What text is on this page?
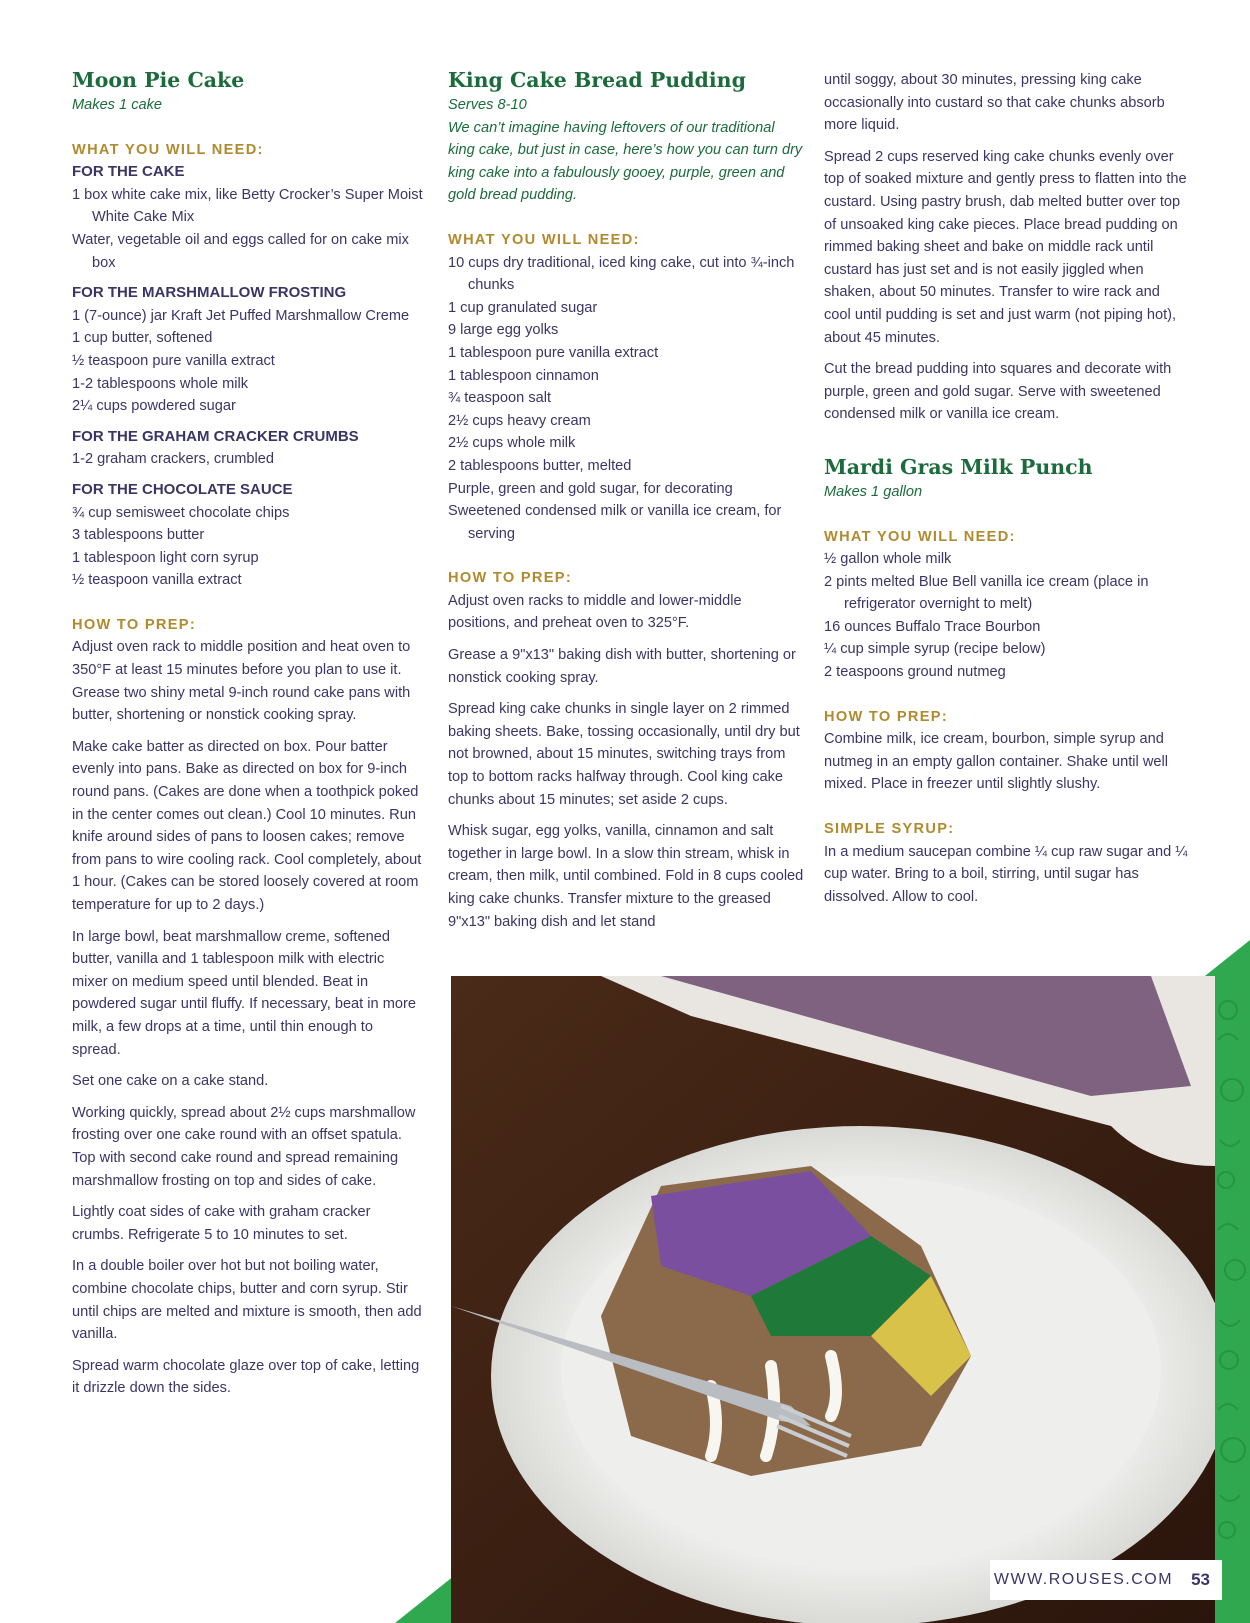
Moon Pie Cake
Makes 1 cake
WHAT YOU WILL NEED:
FOR THE CAKE
1 box white cake mix, like Betty Crocker’s Super Moist White Cake Mix
Water, vegetable oil and eggs called for on cake mix box
FOR THE MARSHMALLOW FROSTING
1 (7-ounce) jar Kraft Jet Puffed Marshmallow Creme
1 cup butter, softened
½ teaspoon pure vanilla extract
1-2 tablespoons whole milk
2¼ cups powdered sugar
FOR THE GRAHAM CRACKER CRUMBS
1-2 graham crackers, crumbled
FOR THE CHOCOLATE SAUCE
¾ cup semisweet chocolate chips
3 tablespoons butter
1 tablespoon light corn syrup
½ teaspoon vanilla extract
HOW TO PREP:

Adjust oven rack to middle position and heat oven to 350°F at least 15 minutes before you plan to use it. Grease two shiny metal 9-inch round cake pans with butter, shortening or nonstick cooking spray.

Make cake batter as directed on box. Pour batter evenly into pans. Bake as directed on box for 9-inch round pans. (Cakes are done when a toothpick poked in the center comes out clean.) Cool 10 minutes. Run knife around sides of pans to loosen cakes; remove from pans to wire cooling rack. Cool completely, about 1 hour. (Cakes can be stored loosely covered at room temperature for up to 2 days.)

In large bowl, beat marshmallow creme, softened butter, vanilla and 1 tablespoon milk with electric mixer on medium speed until blended. Beat in powdered sugar until fluffy. If necessary, beat in more milk, a few drops at a time, until thin enough to spread.

Set one cake on a cake stand.

Working quickly, spread about 2½ cups marshmallow frosting over one cake round with an offset spatula. Top with second cake round and spread remaining marshmallow frosting on top and sides of cake.

Lightly coat sides of cake with graham cracker crumbs. Refrigerate 5 to 10 minutes to set.

In a double boiler over hot but not boiling water, combine chocolate chips, butter and corn syrup. Stir until chips are melted and mixture is smooth, then add vanilla.

Spread warm chocolate glaze over top of cake, letting it drizzle down the sides.

King Cake Bread Pudding
Serves 8-10
We can’t imagine having leftovers of our traditional king cake, but just in case, here’s how you can turn dry king cake into a fabulously gooey, purple, green and gold bread pudding.
WHAT YOU WILL NEED:
10 cups dry traditional, iced king cake, cut into ¾-inch chunks
1 cup granulated sugar
9 large egg yolks
1 tablespoon pure vanilla extract
1 tablespoon cinnamon
¾ teaspoon salt
2½ cups heavy cream
2½ cups whole milk
2 tablespoons butter, melted
Purple, green and gold sugar, for decorating
Sweetened condensed milk or vanilla ice cream, for serving
HOW TO PREP:

Adjust oven racks to middle and lower-middle positions, and preheat oven to 325°F.

Grease a 9"x13" baking dish with butter, shortening or nonstick cooking spray.

Spread king cake chunks in single layer on 2 rimmed baking sheets. Bake, tossing occasionally, until dry but not browned, about 15 minutes, switching trays from top to bottom racks halfway through. Cool king cake chunks about 15 minutes; set aside 2 cups.

Whisk sugar, egg yolks, vanilla, cinnamon and salt together in large bowl. In a slow thin stream, whisk in cream, then milk, until combined. Fold in 8 cups cooled king cake chunks. Transfer mixture to the greased 9"x13" baking dish and let stand

until soggy, about 30 minutes, pressing king cake occasionally into custard so that cake chunks absorb more liquid.

Spread 2 cups reserved king cake chunks evenly over top of soaked mixture and gently press to flatten into the custard. Using pastry brush, dab melted butter over top of unsoaked king cake pieces. Place bread pudding on rimmed baking sheet and bake on middle rack until custard has just set and is not easily jiggled when shaken, about 50 minutes. Transfer to wire rack and cool until pudding is set and just warm (not piping hot), about 45 minutes.

Cut the bread pudding into squares and decorate with purple, green and gold sugar. Serve with sweetened condensed milk or vanilla ice cream.

Mardi Gras Milk Punch
Makes 1 gallon
WHAT YOU WILL NEED:
½ gallon whole milk
2 pints melted Blue Bell vanilla ice cream (place in refrigerator overnight to melt)
16 ounces Buffalo Trace Bourbon
¼ cup simple syrup (recipe below)
2 teaspoons ground nutmeg
HOW TO PREP:

Combine milk, ice cream, bourbon, simple syrup and nutmeg in an empty gallon container. Shake until well mixed. Place in freezer until slightly slushy.

SIMPLE SYRUP:

In a medium saucepan combine ¼ cup raw sugar and ¼ cup water. Bring to a boil, stirring, until sugar has dissolved. Allow to cool.

WWW.ROUSES.COM 53
